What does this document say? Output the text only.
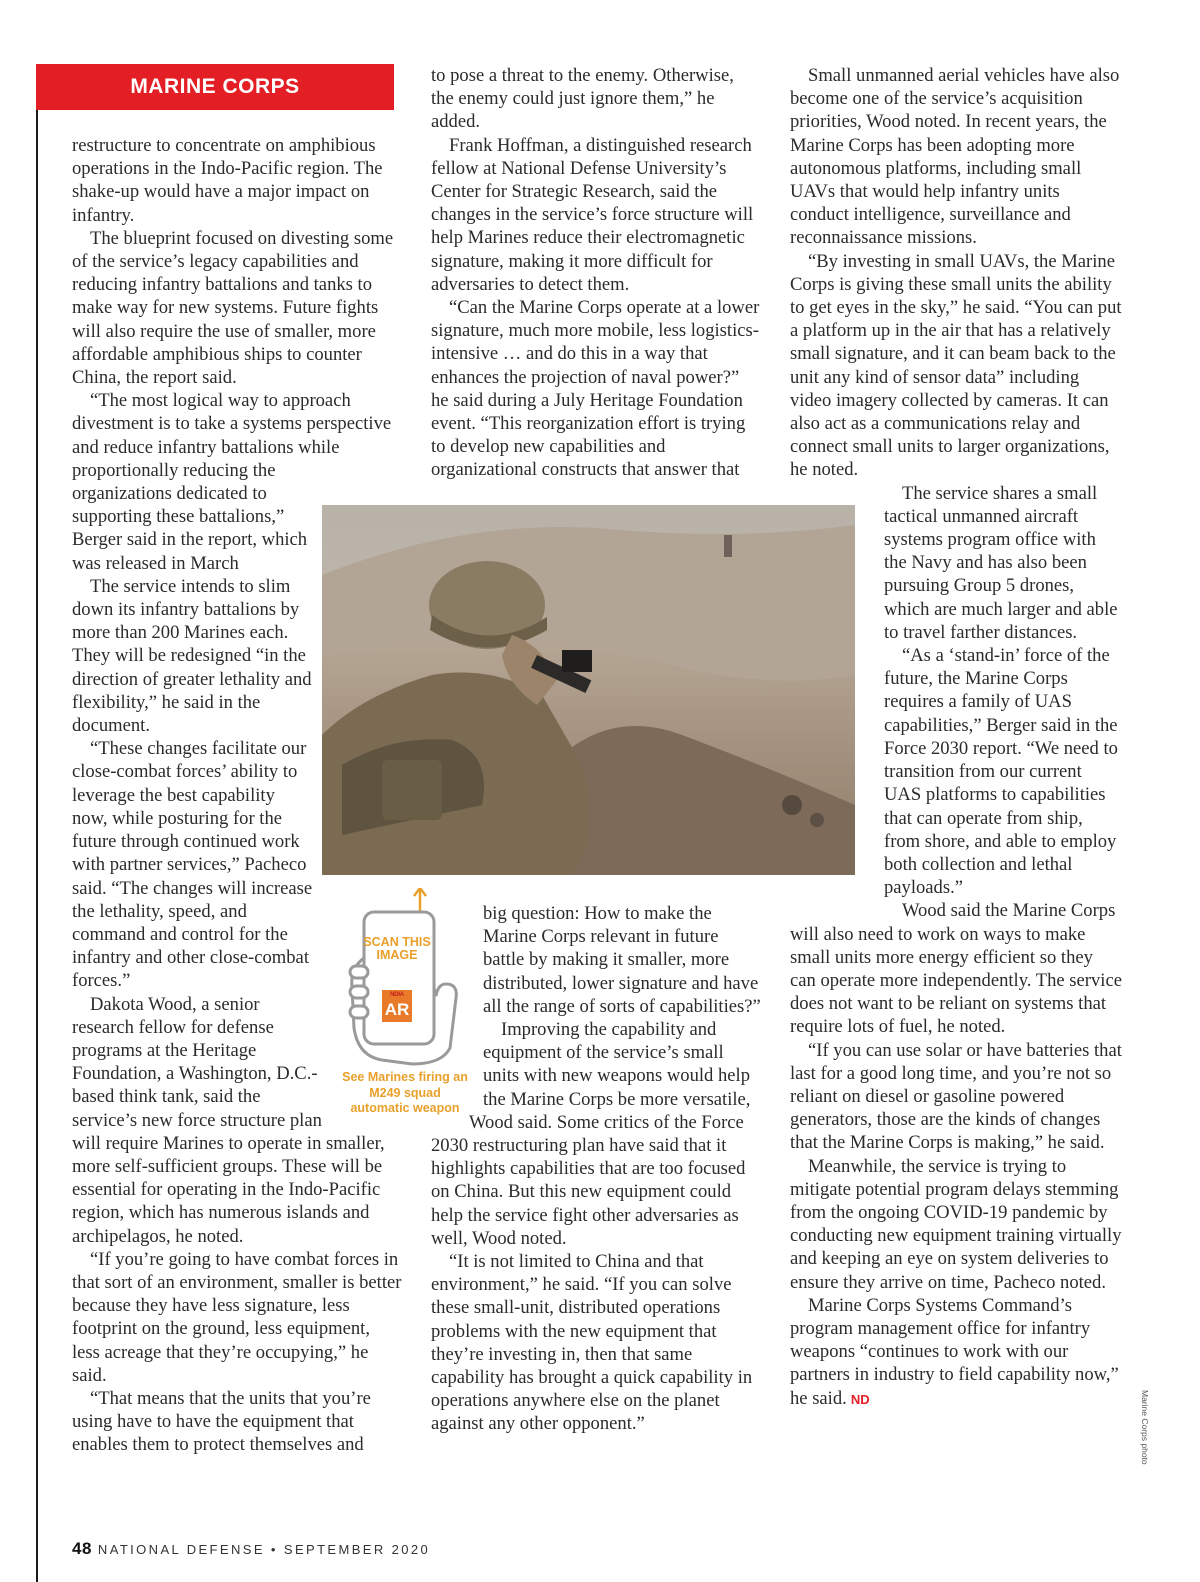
MARINE CORPS

restructure to concentrate on amphibious operations in the Indo-Pacific region. The shake-up would have a major impact on infantry.

The blueprint focused on divesting some of the service’s legacy capabilities and reducing infantry battalions and tanks to make way for new systems. Future fights will also require the use of smaller, more affordable amphibious ships to counter China, the report said.

“The most logical way to approach divestment is to take a systems perspective and reduce infantry battalions while proportionally reducing the organizations dedicated to supporting these battalions,” Berger said in the report, which was released in March

The service intends to slim down its infantry battalions by more than 200 Marines each. They will be redesigned “in the direction of greater lethality and flexibility,” he said in the document.

“These changes facilitate our close-combat forces’ ability to leverage the best capability now, while posturing for the future through continued work with partner services,” Pacheco said. “The changes will increase the lethality, speed, and command and control for the infantry and other close-combat forces.”

Dakota Wood, a senior research fellow for defense programs at the Heritage Foundation, a Washington, D.C.-based think tank, said the service’s new force structure plan will require Marines to operate in smaller, more self-sufficient groups. These will be essential for operating in the Indo-Pacific region, which has numerous islands and archipelagos, he noted.

“If you’re going to have combat forces in that sort of an environment, smaller is better because they have less signature, less footprint on the ground, less equipment, less acreage that they’re occupying,” he said.

“That means that the units that you’re using have to have the equipment that enables them to protect themselves and

to pose a threat to the enemy. Otherwise, the enemy could just ignore them,” he added.

Frank Hoffman, a distinguished research fellow at National Defense University’s Center for Strategic Research, said the changes in the service’s force structure will help Marines reduce their electromagnetic signature, making it more difficult for adversaries to detect them.

“Can the Marine Corps operate at a lower signature, much more mobile, less logistics-intensive … and do this in a way that enhances the projection of naval power?” he said during a July Heritage Foundation event. “This reorganization effort is trying to develop new capabilities and organizational constructs that answer that big question: How to make the Marine Corps relevant in future battle by making it smaller, more distributed, lower signature and have all the range of sorts of capabilities?”

Improving the capability and equipment of the service’s small units with new weapons would help the Marine Corps be more versatile, Wood said. Some critics of the Force 2030 restructuring plan have said that it highlights capabilities that are too focused on China. But this new equipment could help the service fight other adversaries as well, Wood noted.

“It is not limited to China and that environment,” he said. “If you can solve these small-unit, distributed operations problems with the new equipment that they’re investing in, then that same capability has brought a quick capability in operations anywhere else on the planet against any other opponent.”

Small unmanned aerial vehicles have also become one of the service’s acquisition priorities, Wood noted. In recent years, the Marine Corps has been adopting more autonomous platforms, including small UAVs that would help infantry units conduct intelligence, surveillance and reconnaissance missions.

“By investing in small UAVs, the Marine Corps is giving these small units the ability to get eyes in the sky,” he said. “You can put a platform up in the air that has a relatively small signature, and it can beam back to the unit any kind of sensor data” including video imagery collected by cameras. It can also act as a communications relay and connect small units to larger organizations, he noted.

The service shares a small tactical unmanned aircraft systems program office with the Navy and has also been pursuing Group 5 drones, which are much larger and able to travel farther distances.

“As a ‘stand-in’ force of the future, the Marine Corps requires a family of UAS capabilities,” Berger said in the Force 2030 report. “We need to transition from our current UAS platforms to capabilities that can operate from ship, from shore, and able to employ both collection and lethal payloads.”

Wood said the Marine Corps will also need to work on ways to make small units more energy efficient so they can operate more independently. The service does not want to be reliant on systems that require lots of fuel, he noted.

“If you can use solar or have batteries that last for a good long time, and you’re not so reliant on diesel or gasoline powered generators, those are the kinds of changes that the Marine Corps is making,” he said.

Meanwhile, the service is trying to mitigate potential program delays stemming from the ongoing COVID-19 pandemic by conducting new equipment training virtually and keeping an eye on system deliveries to ensure they arrive on time, Pacheco noted.

Marine Corps Systems Command’s program management office for infantry weapons “continues to work with our partners in industry to field capability now,” he said. ND

SCAN THIS IMAGE
NDIA
AR
See Marines firing an M249 squad automatic weapon
48 NATIONAL DEFENSE • SEPTEMBER 2020
Marine Corps photo
